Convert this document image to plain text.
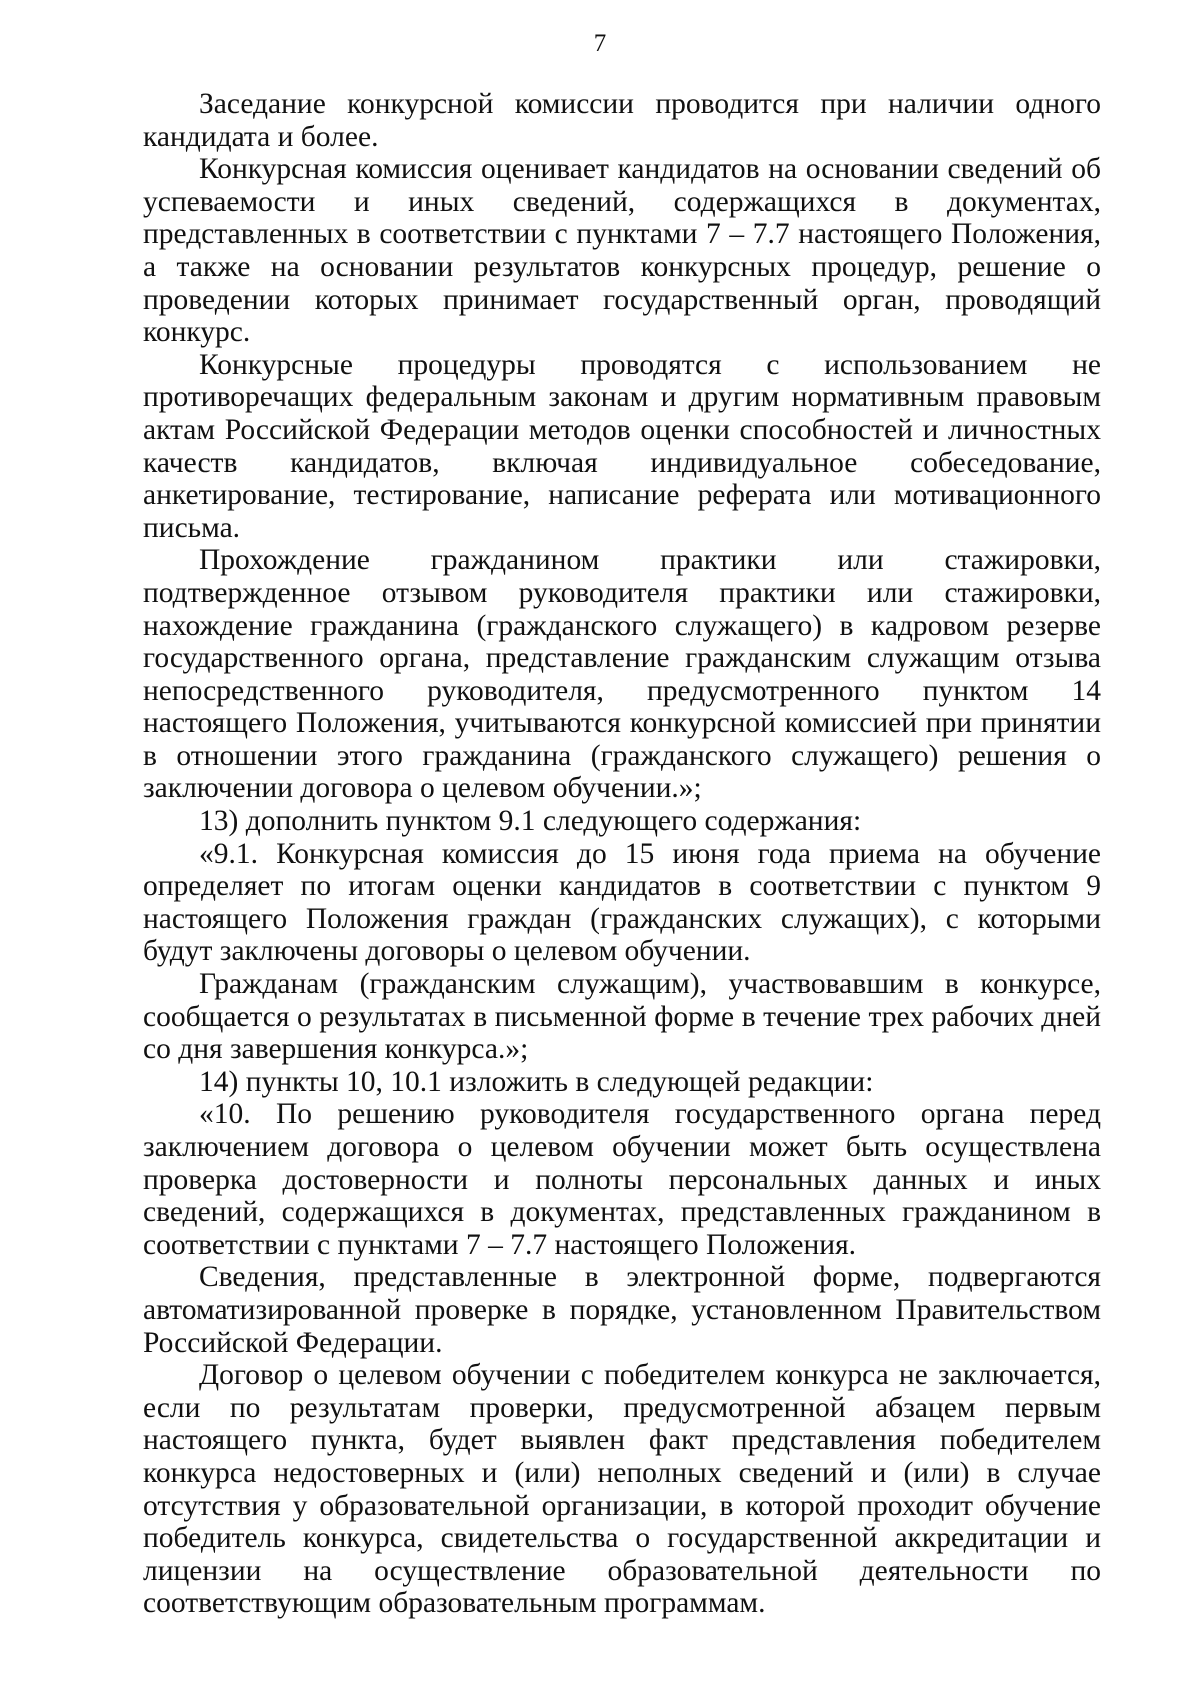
7

Заседание конкурсной комиссии проводится при наличии одного кандидата и более.

Конкурсная комиссия оценивает кандидатов на основании сведений об успеваемости и иных сведений, содержащихся в документах, представленных в соответствии с пунктами 7 – 7.7 настоящего Положения, а также на основании результатов конкурсных процедур, решение о проведении которых принимает государственный орган, проводящий конкурс.

Конкурсные процедуры проводятся с использованием не противоречащих федеральным законам и другим нормативным правовым актам Российской Федерации методов оценки способностей и личностных качеств кандидатов, включая индивидуальное собеседование, анкетирование, тестирование, написание реферата или мотивационного письма.

Прохождение гражданином практики или стажировки, подтвержденное отзывом руководителя практики или стажировки, нахождение гражданина (гражданского служащего) в кадровом резерве государственного органа, представление гражданским служащим отзыва непосредственного руководителя, предусмотренного пунктом 14 настоящего Положения, учитываются конкурсной комиссией при принятии в отношении этого гражданина (гражданского служащего) решения о заключении договора о целевом обучении.»;

13) дополнить пунктом 9.1 следующего содержания:

«9.1. Конкурсная комиссия до 15 июня года приема на обучение определяет по итогам оценки кандидатов в соответствии с пунктом 9 настоящего Положения граждан (гражданских служащих), с которыми будут заключены договоры о целевом обучении.

Гражданам (гражданским служащим), участвовавшим в конкурсе, сообщается о результатах в письменной форме в течение трех рабочих дней со дня завершения конкурса.»;

14) пункты 10, 10.1 изложить в следующей редакции:

«10. По решению руководителя государственного органа перед заключением договора о целевом обучении может быть осуществлена проверка достоверности и полноты персональных данных и иных сведений, содержащихся в документах, представленных гражданином в соответствии с пунктами 7 – 7.7 настоящего Положения.

Сведения, представленные в электронной форме, подвергаются автоматизированной проверке в порядке, установленном Правительством Российской Федерации.

Договор о целевом обучении с победителем конкурса не заключается, если по результатам проверки, предусмотренной абзацем первым настоящего пункта, будет выявлен факт представления победителем конкурса недостоверных и (или) неполных сведений и (или) в случае отсутствия у образовательной организации, в которой проходит обучение победитель конкурса, свидетельства о государственной аккредитации и лицензии на осуществление образовательной деятельности по соответствующим образовательным программам.
